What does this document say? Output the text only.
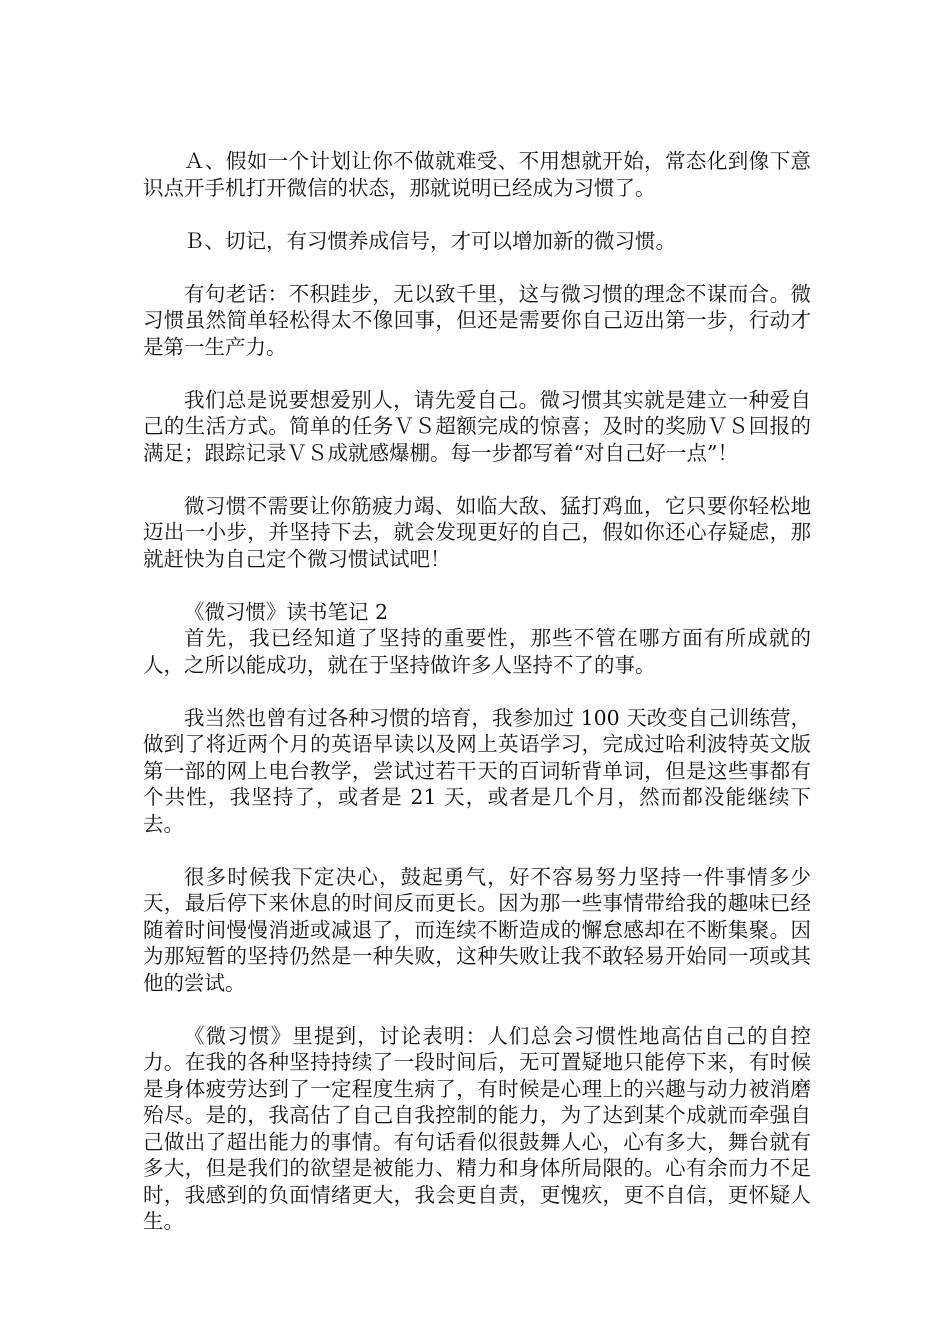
Ａ、假如一个计划让你不做就难受、不用想就开始，常态化到像下意识点开手机打开微信的状态，那就说明已经成为习惯了。

Ｂ、切记，有习惯养成信号，才可以增加新的微习惯。

有句老话：不积跬步，无以致千里，这与微习惯的理念不谋而合。微习惯虽然简单轻松得太不像回事，但还是需要你自己迈出第一步，行动才是第一生产力。

我们总是说要想爱别人，请先爱自己。微习惯其实就是建立一种爱自己的生活方式。简单的任务ＶＳ超额完成的惊喜；及时的奖励ＶＳ回报的满足；跟踪记录ＶＳ成就感爆棚。每一步都写着“对自己好一点”！

微习惯不需要让你筋疲力竭、如临大敌、猛打鸡血，它只要你轻松地迈出一小步，并坚持下去，就会发现更好的自己，假如你还心存疑虑，那就赶快为自己定个微习惯试试吧！

《微习惯》读书笔记 2

首先，我已经知道了坚持的重要性，那些不管在哪方面有所成就的人，之所以能成功，就在于坚持做许多人坚持不了的事。

我当然也曾有过各种习惯的培育，我参加过 100 天改变自己训练营，做到了将近两个月的英语早读以及网上英语学习，完成过哈利波特英文版第一部的网上电台教学，尝试过若干天的百词斩背单词，但是这些事都有个共性，我坚持了，或者是 21 天，或者是几个月，然而都没能继续下去。

很多时候我下定决心，鼓起勇气，好不容易努力坚持一件事情多少天，最后停下来休息的时间反而更长。因为那一些事情带给我的趣味已经随着时间慢慢消逝或减退了，而连续不断造成的懈怠感却在不断集聚。因为那短暂的坚持仍然是一种失败，这种失败让我不敢轻易开始同一项或其他的尝试。

《微习惯》里提到，讨论表明：人们总会习惯性地高估自己的自控力。在我的各种坚持持续了一段时间后，无可置疑地只能停下来，有时候是身体疲劳达到了一定程度生病了，有时候是心理上的兴趣与动力被消磨殆尽。是的，我高估了自己自我控制的能力，为了达到某个成就而牵强自己做出了超出能力的事情。有句话看似很鼓舞人心，心有多大，舞台就有多大，但是我们的欲望是被能力、精力和身体所局限的。心有余而力不足时，我感到的负面情绪更大，我会更自责，更愧疚，更不自信，更怀疑人生。
